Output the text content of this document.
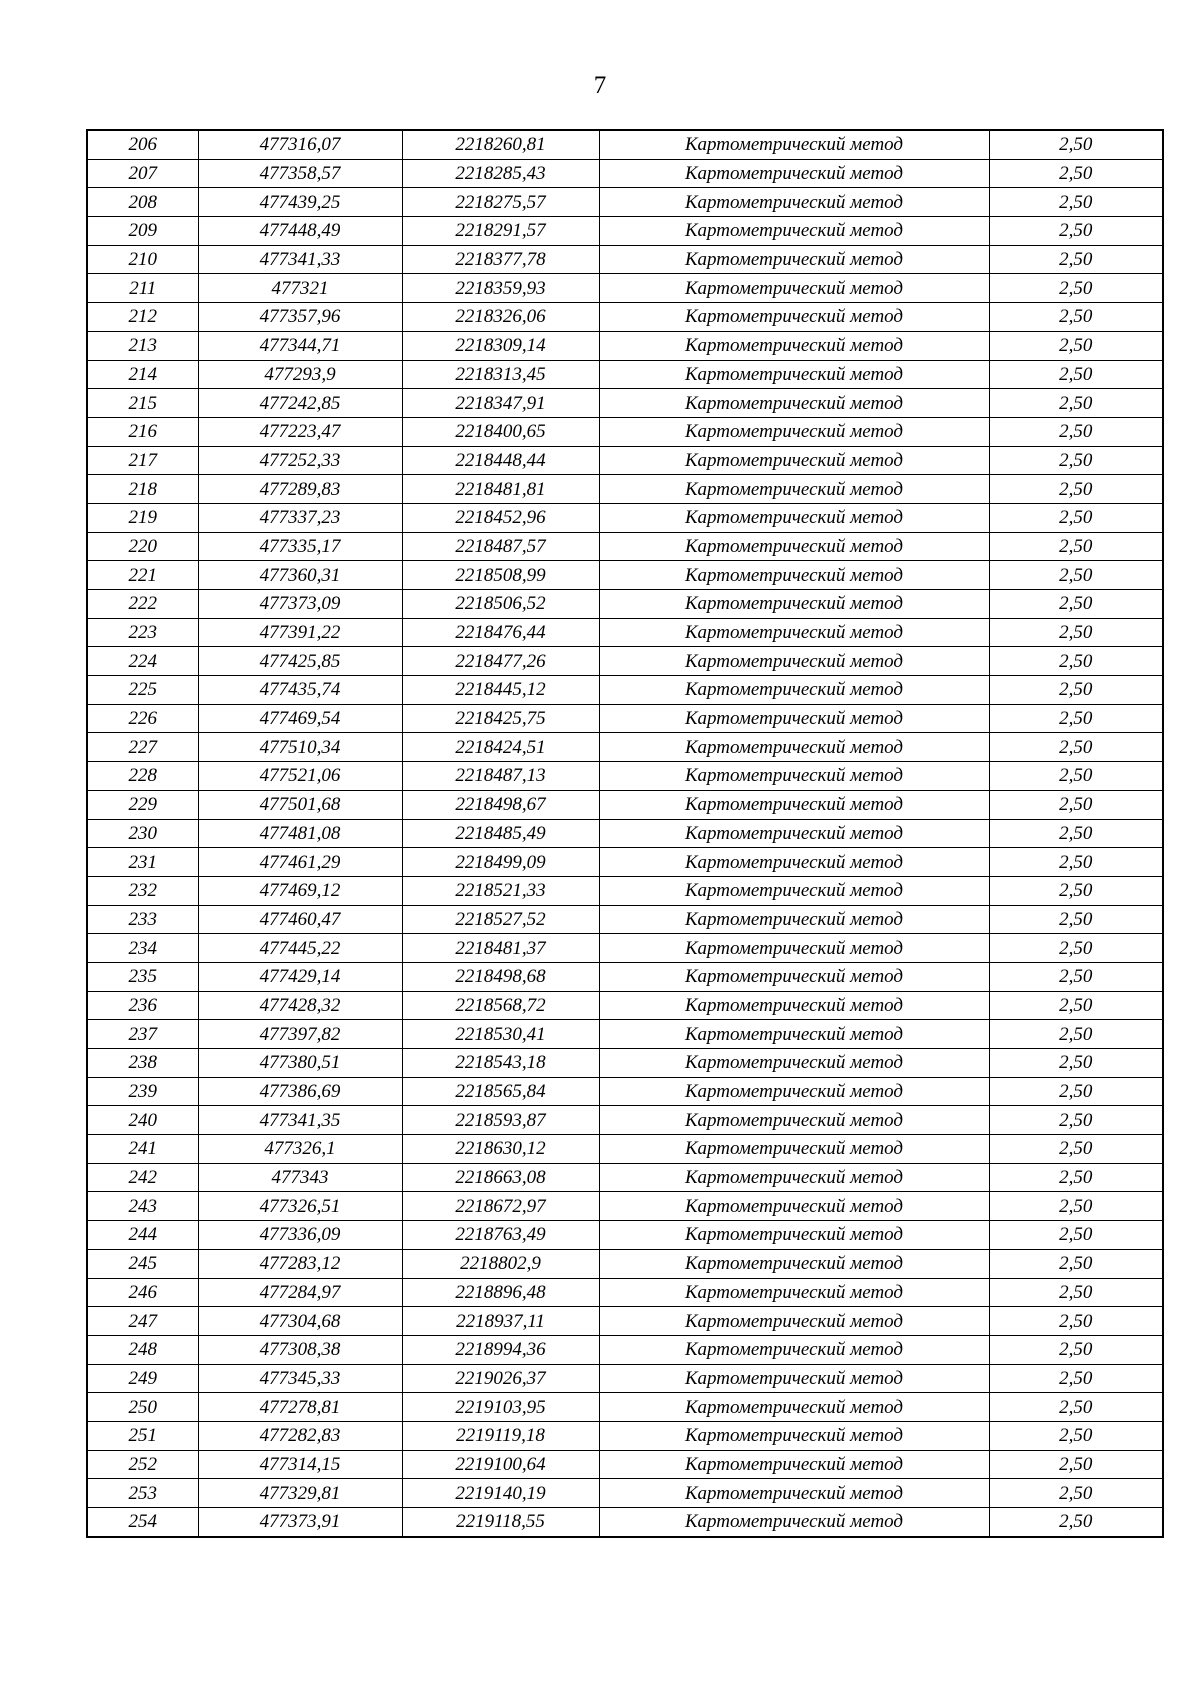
7
206	477316,07	2218260,81	Картометрический метод	2,50
207	477358,57	2218285,43	Картометрический метод	2,50
208	477439,25	2218275,57	Картометрический метод	2,50
209	477448,49	2218291,57	Картометрический метод	2,50
210	477341,33	2218377,78	Картометрический метод	2,50
211	477321	2218359,93	Картометрический метод	2,50
212	477357,96	2218326,06	Картометрический метод	2,50
213	477344,71	2218309,14	Картометрический метод	2,50
214	477293,9	2218313,45	Картометрический метод	2,50
215	477242,85	2218347,91	Картометрический метод	2,50
216	477223,47	2218400,65	Картометрический метод	2,50
217	477252,33	2218448,44	Картометрический метод	2,50
218	477289,83	2218481,81	Картометрический метод	2,50
219	477337,23	2218452,96	Картометрический метод	2,50
220	477335,17	2218487,57	Картометрический метод	2,50
221	477360,31	2218508,99	Картометрический метод	2,50
222	477373,09	2218506,52	Картометрический метод	2,50
223	477391,22	2218476,44	Картометрический метод	2,50
224	477425,85	2218477,26	Картометрический метод	2,50
225	477435,74	2218445,12	Картометрический метод	2,50
226	477469,54	2218425,75	Картометрический метод	2,50
227	477510,34	2218424,51	Картометрический метод	2,50
228	477521,06	2218487,13	Картометрический метод	2,50
229	477501,68	2218498,67	Картометрический метод	2,50
230	477481,08	2218485,49	Картометрический метод	2,50
231	477461,29	2218499,09	Картометрический метод	2,50
232	477469,12	2218521,33	Картометрический метод	2,50
233	477460,47	2218527,52	Картометрический метод	2,50
234	477445,22	2218481,37	Картометрический метод	2,50
235	477429,14	2218498,68	Картометрический метод	2,50
236	477428,32	2218568,72	Картометрический метод	2,50
237	477397,82	2218530,41	Картометрический метод	2,50
238	477380,51	2218543,18	Картометрический метод	2,50
239	477386,69	2218565,84	Картометрический метод	2,50
240	477341,35	2218593,87	Картометрический метод	2,50
241	477326,1	2218630,12	Картометрический метод	2,50
242	477343	2218663,08	Картометрический метод	2,50
243	477326,51	2218672,97	Картометрический метод	2,50
244	477336,09	2218763,49	Картометрический метод	2,50
245	477283,12	2218802,9	Картометрический метод	2,50
246	477284,97	2218896,48	Картометрический метод	2,50
247	477304,68	2218937,11	Картометрический метод	2,50
248	477308,38	2218994,36	Картометрический метод	2,50
249	477345,33	2219026,37	Картометрический метод	2,50
250	477278,81	2219103,95	Картометрический метод	2,50
251	477282,83	2219119,18	Картометрический метод	2,50
252	477314,15	2219100,64	Картометрический метод	2,50
253	477329,81	2219140,19	Картометрический метод	2,50
254	477373,91	2219118,55	Картометрический метод	2,50
